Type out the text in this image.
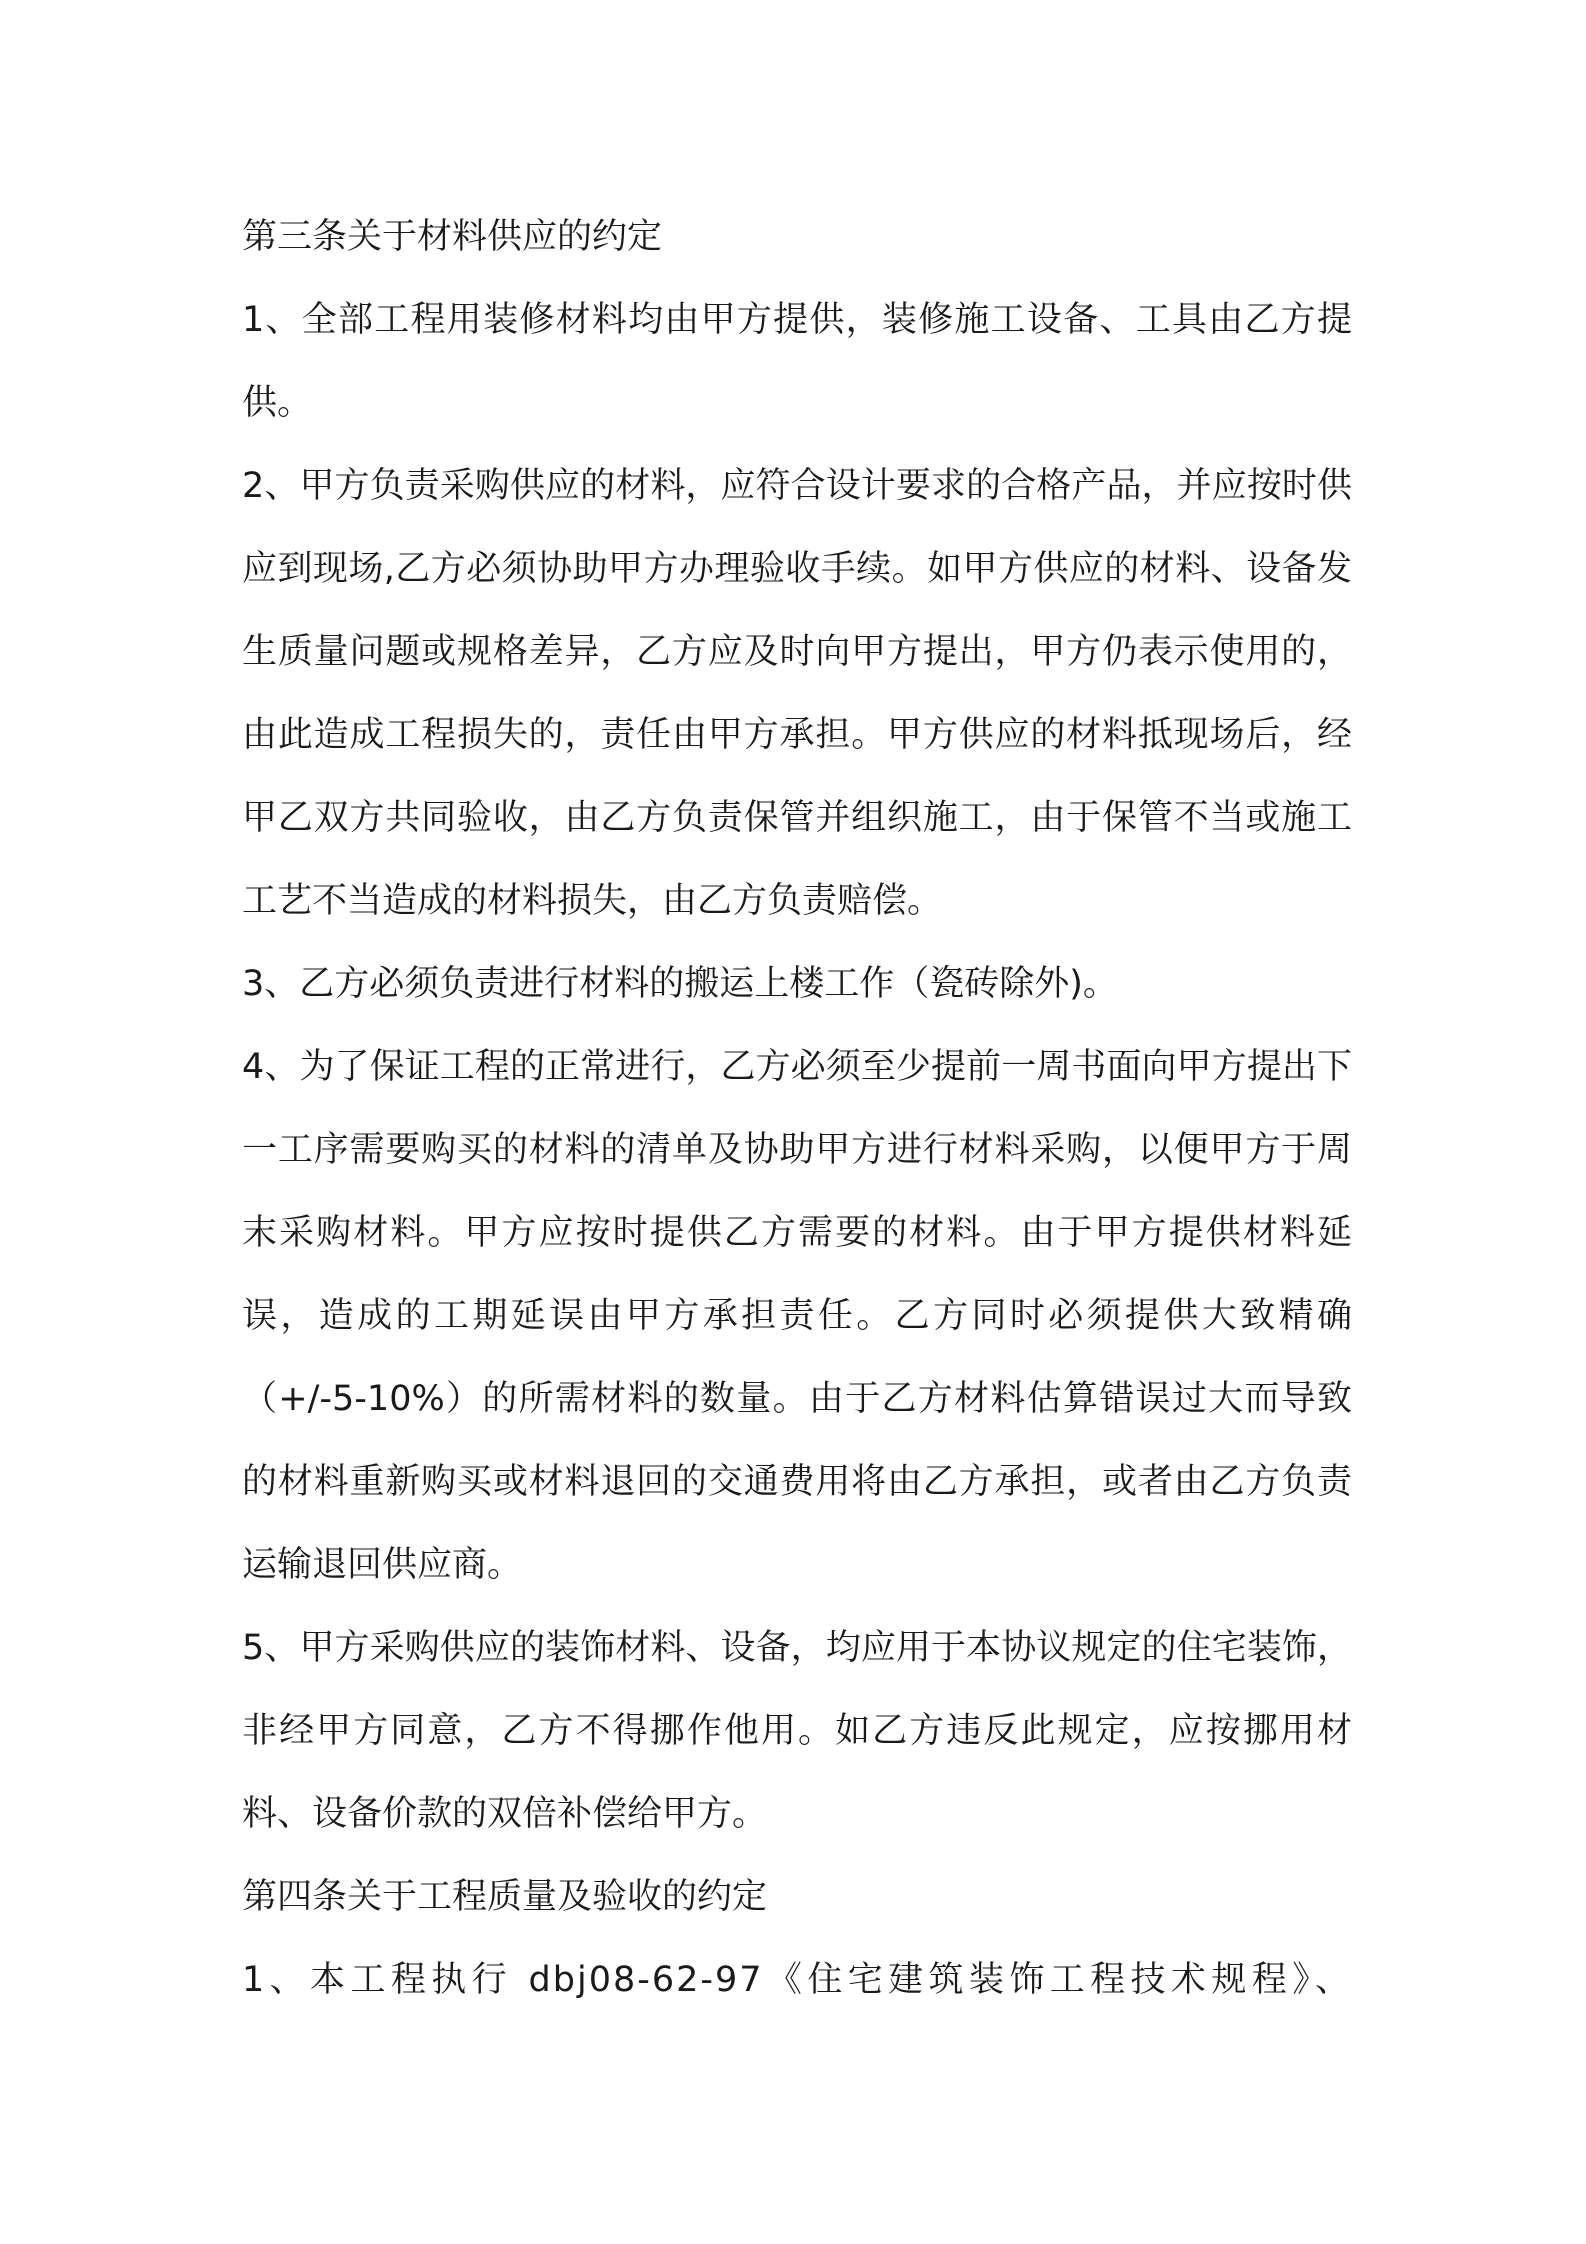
第三条关于材料供应的约定

1、全部工程用装修材料均由甲方提供，装修施工设备、工具由乙方提供。

2、甲方负责采购供应的材料，应符合设计要求的合格产品，并应按时供应到现场,乙方必须协助甲方办理验收手续。如甲方供应的材料、设备发生质量问题或规格差异，乙方应及时向甲方提出，甲方仍表示使用的，由此造成工程损失的，责任由甲方承担。甲方供应的材料抵现场后，经甲乙双方共同验收，由乙方负责保管并组织施工，由于保管不当或施工工艺不当造成的材料损失，由乙方负责赔偿。

3、乙方必须负责进行材料的搬运上楼工作（瓷砖除外)。

4、为了保证工程的正常进行，乙方必须至少提前一周书面向甲方提出下一工序需要购买的材料的清单及协助甲方进行材料采购，以便甲方于周末采购材料。甲方应按时提供乙方需要的材料。由于甲方提供材料延误，造成的工期延误由甲方承担责任。乙方同时必须提供大致精确（+/-5-10%）的所需材料的数量。由于乙方材料估算错误过大而导致的材料重新购买或材料退回的交通费用将由乙方承担，或者由乙方负责运输退回供应商。

5、甲方采购供应的装饰材料、设备，均应用于本协议规定的住宅装饰，非经甲方同意，乙方不得挪作他用。如乙方违反此规定，应按挪用材料、设备价款的双倍补偿给甲方。

第四条关于工程质量及验收的约定

1、本工程执行 dbj08-62-97《住宅建筑装饰工程技术规程》、
